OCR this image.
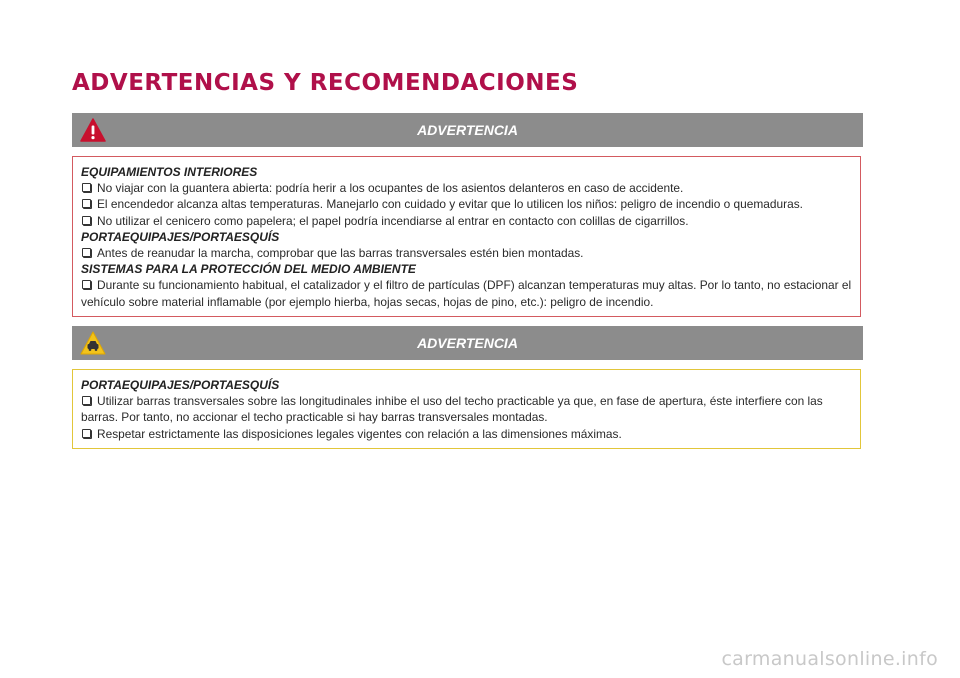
ADVERTENCIAS Y RECOMENDACIONES
ADVERTENCIA
EQUIPAMIENTOS INTERIORES
No viajar con la guantera abierta: podría herir a los ocupantes de los asientos delanteros en caso de accidente.
El encendedor alcanza altas temperaturas. Manejarlo con cuidado y evitar que lo utilicen los niños: peligro de incendio o quemaduras.
No utilizar el cenicero como papelera; el papel podría incendiarse al entrar en contacto con colillas de cigarrillos.
PORTAEQUIPAJES/PORTAESQUÍS
Antes de reanudar la marcha, comprobar que las barras transversales estén bien montadas.
SISTEMAS PARA LA PROTECCIÓN DEL MEDIO AMBIENTE
Durante su funcionamiento habitual, el catalizador y el filtro de partículas (DPF) alcanzan temperaturas muy altas. Por lo tanto, no estacionar el vehículo sobre material inflamable (por ejemplo hierba, hojas secas, hojas de pino, etc.): peligro de incendio.
ADVERTENCIA
PORTAEQUIPAJES/PORTAESQUÍS
Utilizar barras transversales sobre las longitudinales inhibe el uso del techo practicable ya que, en fase de apertura, éste interfiere con las barras. Por tanto, no accionar el techo practicable si hay barras transversales montadas.
Respetar estrictamente las disposiciones legales vigentes con relación a las dimensiones máximas.
carmanualsonline.info
